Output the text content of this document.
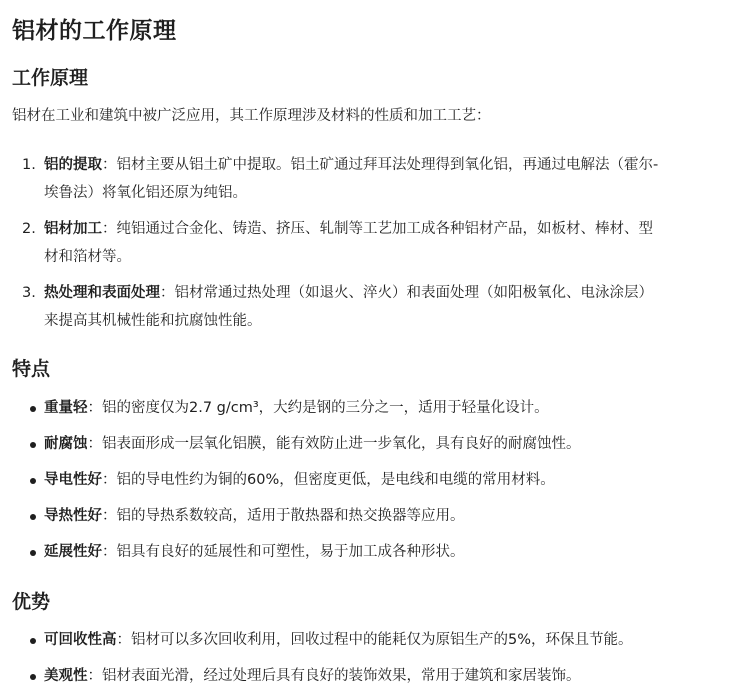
铝材的工作原理
工作原理

铝材在工业和建筑中被广泛应用，其工作原理涉及材料的性质和加工工艺：

1. 铝的提取：铝材主要从铝土矿中提取。铝土矿通过拜耳法处理得到氧化铝，再通过电解法（霍尔-
埃鲁法）将氧化铝还原为纯铝。
2. 铝材加工：纯铝通过合金化、铸造、挤压、轧制等工艺加工成各种铝材产品，如板材、棒材、型
材和箔材等。
3. 热处理和表面处理：铝材常通过热处理（如退火、淬火）和表面处理（如阳极氧化、电泳涂层）
来提高其机械性能和抗腐蚀性能。
特点
重量轻：铝的密度仅为2.7 g/cm³，大约是钢的三分之一，适用于轻量化设计。
耐腐蚀：铝表面形成一层氧化铝膜，能有效防止进一步氧化，具有良好的耐腐蚀性。
导电性好：铝的导电性约为铜的60%，但密度更低，是电线和电缆的常用材料。
导热性好：铝的导热系数较高，适用于散热器和热交换器等应用。
延展性好：铝具有良好的延展性和可塑性，易于加工成各种形状。
优势
可回收性高：铝材可以多次回收利用，回收过程中的能耗仅为原铝生产的5%，环保且节能。
美观性：铝材表面光滑，经过处理后具有良好的装饰效果，常用于建筑和家居装饰。
